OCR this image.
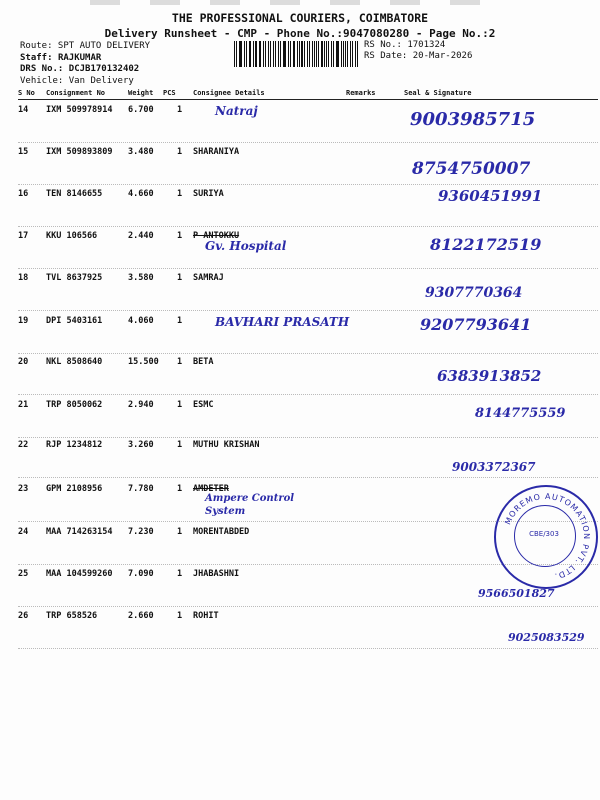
THE PROFESSIONAL COURIERS, COIMBATORE
Delivery Runsheet - CMP - Phone No.:9047080280 - Page No.:2
Route: SPT AUTO DELIVERY
Staff: RAJKUMAR
DRS No.: DCJB170132402
Vehicle: Van Delivery
RS No.: 1701324
RS Date: 20-Mar-2026
S No Consignment No	Weight PCS Consignee Details	Remarks	Seal & Signature
14 IXM 509978914 6.700	1	Natraj	9003985715
15 IXM 509893809 3.480	1 SHARANIYA
8754750007
16 TEN 8146655	4.660	1 SURIYA	9360451991
17 KKU 106566	2.440	1 P ANTOKKU
Gv. Hospital	8122172519
18 TVL 8637925	3.580	1 SAMRAJ
9307770364
19 DPI 5403161	4.060	1	BAVHARI PRASATH	9207793641
20 NKL 8508640	15.500 1 BETA
6383913852
21 TRP 8050062	2.940	1 ESMC
8144775559
22 RJP 1234812	3.260	1 MUTHU KRISHAN
9003372367
23 GPM 2108956	7.780	1 AMDETER
Ampere Control System
24 MAA 714263154 7.230	1 MORENTABDED
25 MAA 104599260 7.090	1 JHABASHNI
9566501827
26 TRP 658526	2.660	1 ROHIT
9025083529
MOREMO AUTOMATION PVT. LTD.
CBE/303
